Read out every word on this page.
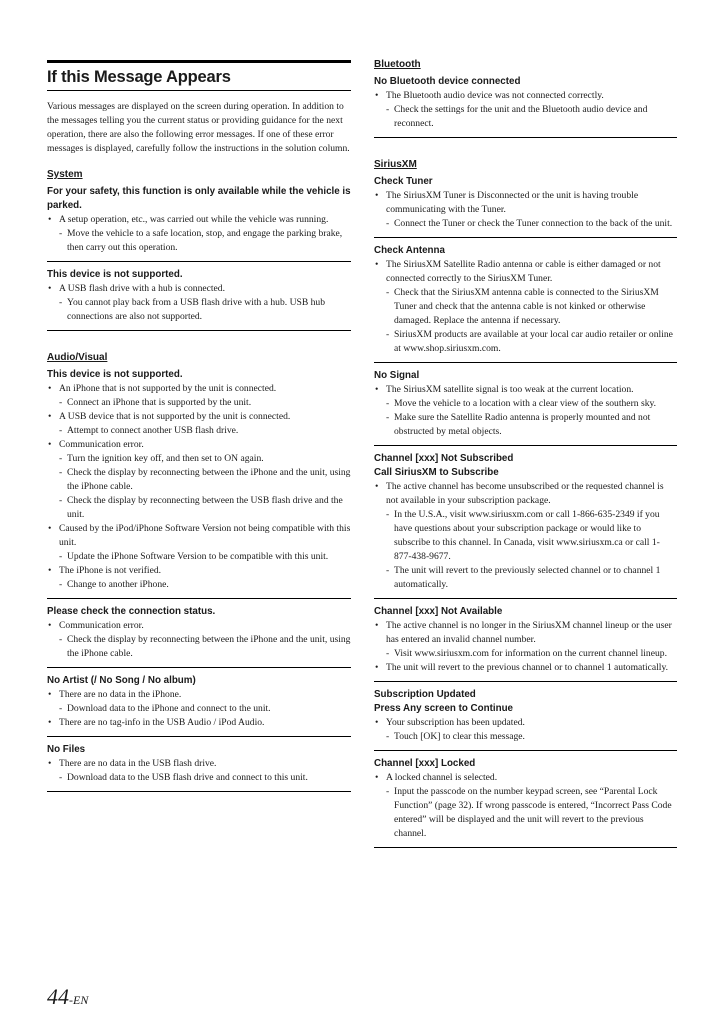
If this Message Appears

Various messages are displayed on the screen during operation. In addition to the messages telling you the current status or providing guidance for the next operation, there are also the following error messages. If one of these error messages is displayed, carefully follow the instructions in the solution column.

System
For your safety, this function is only available while the vehicle is parked.
• A setup operation, etc., was carried out while the vehicle was running.
- Move the vehicle to a safe location, stop, and engage the parking brake, then carry out this operation.
This device is not supported.
• A USB flash drive with a hub is connected.
- You cannot play back from a USB flash drive with a hub. USB hub connections are also not supported.
Audio/Visual
This device is not supported.
• An iPhone that is not supported by the unit is connected.
- Connect an iPhone that is supported by the unit.
• A USB device that is not supported by the unit is connected.
- Attempt to connect another USB flash drive.
• Communication error.
- Turn the ignition key off, and then set to ON again.
- Check the display by reconnecting between the iPhone and the unit, using the iPhone cable.
- Check the display by reconnecting between the USB flash drive and the unit.
• Caused by the iPod/iPhone Software Version not being compatible with this unit.
- Update the iPhone Software Version to be compatible with this unit.
• The iPhone is not verified.
- Change to another iPhone.
Please check the connection status.
• Communication error.
- Check the display by reconnecting between the iPhone and the unit, using the iPhone cable.
No Artist (/ No Song / No album)
• There are no data in the iPhone.
- Download data to the iPhone and connect to the unit.
• There are no tag-info in the USB Audio / iPod Audio.
No Files
• There are no data in the USB flash drive.
- Download data to the USB flash drive and connect to this unit.
Bluetooth
No Bluetooth device connected
• The Bluetooth audio device was not connected correctly.
- Check the settings for the unit and the Bluetooth audio device and reconnect.
SiriusXM
Check Tuner
• The SiriusXM Tuner is Disconnected or the unit is having trouble communicating with the Tuner.
- Connect the Tuner or check the Tuner connection to the back of the unit.
Check Antenna
• The SiriusXM Satellite Radio antenna or cable is either damaged or not connected correctly to the SiriusXM Tuner.
- Check that the SiriusXM antenna cable is connected to the SiriusXM Tuner and check that the antenna cable is not kinked or otherwise damaged. Replace the antenna if necessary.
- SiriusXM products are available at your local car audio retailer or online at www.shop.siriusxm.com.
No Signal
• The SiriusXM satellite signal is too weak at the current location.
- Move the vehicle to a location with a clear view of the southern sky.
- Make sure the Satellite Radio antenna is properly mounted and not obstructed by metal objects.
Channel [xxx] Not Subscribed
Call SiriusXM to Subscribe
• The active channel has become unsubscribed or the requested channel is not available in your subscription package.
- In the U.S.A., visit www.siriusxm.com or call 1-866-635-2349 if you have questions about your subscription package or would like to subscribe to this channel. In Canada, visit www.siriusxm.ca or call 1-877-438-9677.
- The unit will revert to the previously selected channel or to channel 1 automatically.
Channel [xxx] Not Available
• The active channel is no longer in the SiriusXM channel lineup or the user has entered an invalid channel number.
- Visit www.siriusxm.com for information on the current channel lineup.
• The unit will revert to the previous channel or to channel 1 automatically.
Subscription Updated
Press Any screen to Continue
• Your subscription has been updated.
- Touch [OK] to clear this message.
Channel [xxx] Locked
• A locked channel is selected.
- Input the passcode on the number keypad screen, see “Parental Lock Function” (page 32). If wrong passcode is entered, “Incorrect Pass Code entered” will be displayed and the unit will revert to the previous channel.
44-EN
